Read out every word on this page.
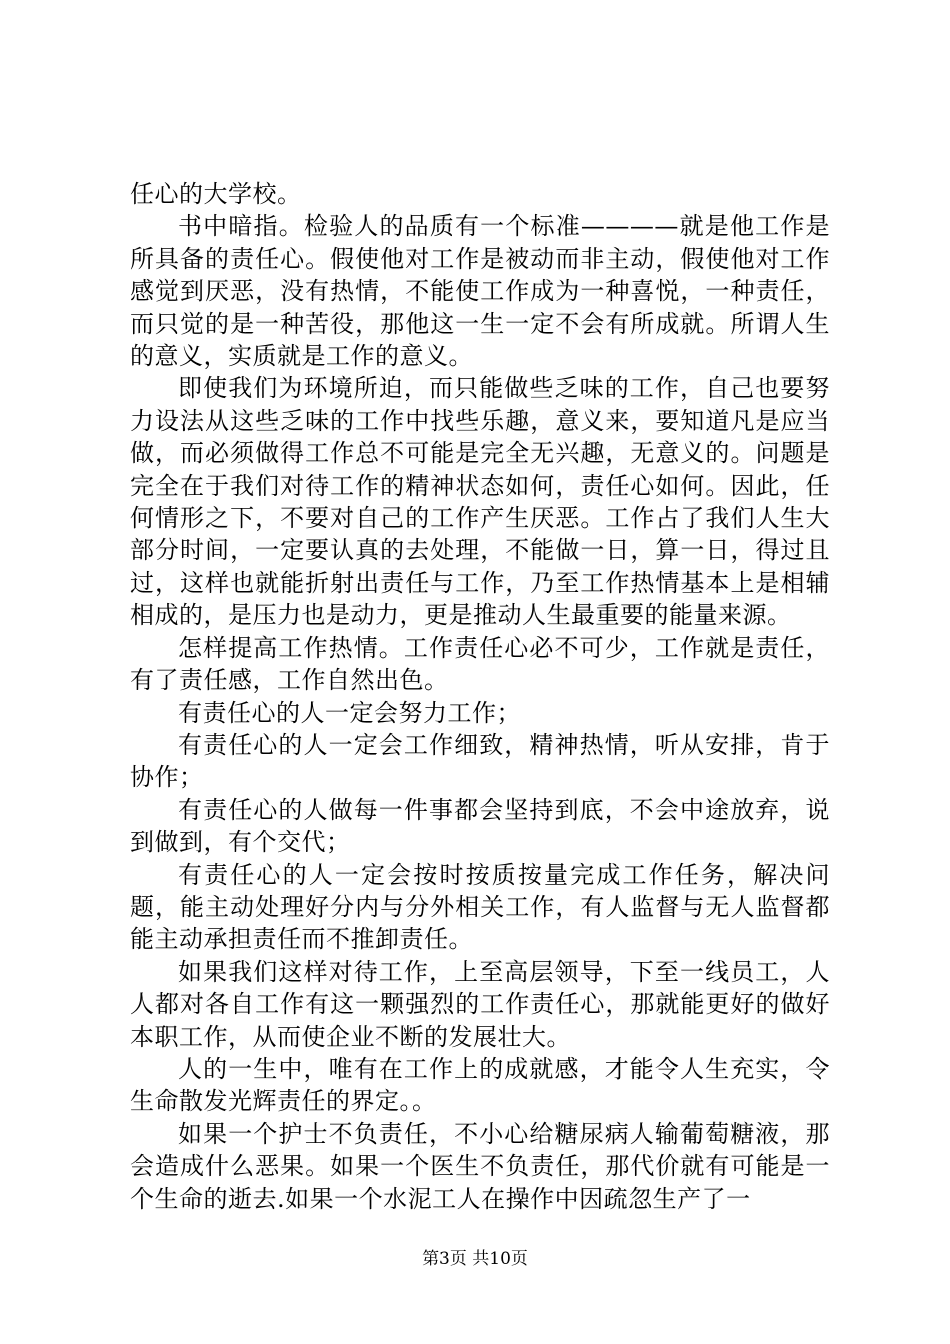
任心的大学校。

书中暗指。检验人的品质有一个标准————就是他工作是所具备的责任心。假使他对工作是被动而非主动，假使他对工作感觉到厌恶，没有热情，不能使工作成为一种喜悦，一种责任，而只觉的是一种苦役，那他这一生一定不会有所成就。所谓人生的意义，实质就是工作的意义。

即使我们为环境所迫，而只能做些乏味的工作，自己也要努力设法从这些乏味的工作中找些乐趣，意义来，要知道凡是应当做，而必须做得工作总不可能是完全无兴趣，无意义的。问题是完全在于我们对待工作的精神状态如何，责任心如何。因此，任何情形之下，不要对自己的工作产生厌恶。工作占了我们人生大部分时间，一定要认真的去处理，不能做一日，算一日，得过且过，这样也就能折射出责任与工作，乃至工作热情基本上是相辅相成的，是压力也是动力，更是推动人生最重要的能量来源。

怎样提高工作热情。工作责任心必不可少，工作就是责任，有了责任感，工作自然出色。

有责任心的人一定会努力工作；

有责任心的人一定会工作细致，精神热情，听从安排，肯于协作；

有责任心的人做每一件事都会坚持到底，不会中途放弃，说到做到，有个交代；

有责任心的人一定会按时按质按量完成工作任务，解决问题，能主动处理好分内与分外相关工作，有人监督与无人监督都能主动承担责任而不推卸责任。

如果我们这样对待工作，上至高层领导，下至一线员工，人人都对各自工作有这一颗强烈的工作责任心，那就能更好的做好本职工作，从而使企业不断的发展壮大。

人的一生中，唯有在工作上的成就感，才能令人生充实，令生命散发光辉责任的界定。。

如果一个护士不负责任，不小心给糖尿病人输葡萄糖液，那会造成什么恶果。如果一个医生不负责任，那代价就有可能是一个生命的逝去.如果一个水泥工人在操作中因疏忽生产了一

第3页 共10页
